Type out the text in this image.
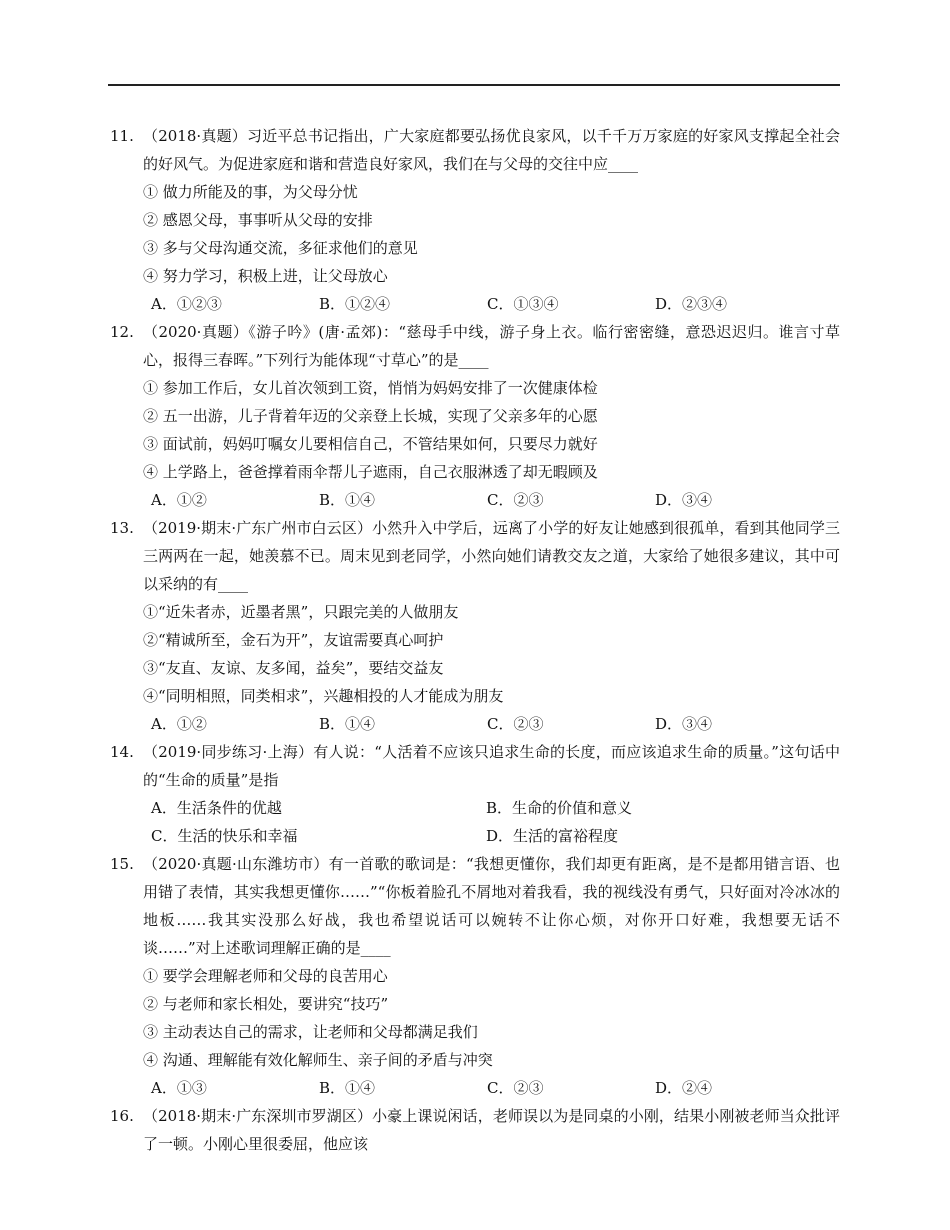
11. （2018·真题）习近平总书记指出，广大家庭都要弘扬优良家风，以千千万万家庭的好家风支撑起全社会的好风气。为促进家庭和谐和营造良好家风，我们在与父母的交往中应____
① 做力所能及的事，为父母分忧
② 感恩父母，事事听从父母的安排
③ 多与父母沟通交流，多征求他们的意见
④ 努力学习，积极上进，让父母放心
A．①②③	B．①②④	C．①③④	D．②③④
12. （2020·真题）《游子吟》(唐·孟郊)：“慈母手中线，游子身上衣。临行密密缝，意恐迟迟归。谁言寸草心，报得三春晖。”下列行为能体现“寸草心”的是____
① 参加工作后，女儿首次领到工资，悄悄为妈妈安排了一次健康体检
② 五一出游，儿子背着年迈的父亲登上长城，实现了父亲多年的心愿
③ 面试前，妈妈叮嘱女儿要相信自己，不管结果如何，只要尽力就好
④ 上学路上，爸爸撑着雨伞帮儿子遮雨，自己衣服淋透了却无暇顾及
A．①②	B．①④	C．②③	D．③④
13. （2019·期末·广东广州市白云区）小然升入中学后，远离了小学的好友让她感到很孤单，看到其他同学三三两两在一起，她羡慕不已。周末见到老同学，小然向她们请教交友之道，大家给了她很多建议，其中可以采纳的有____
①“近朱者赤，近墨者黑”，只跟完美的人做朋友
②“精诚所至，金石为开”，友谊需要真心呵护
③“友直、友谅、友多闻，益矣”，要结交益友
④“同明相照，同类相求”，兴趣相投的人才能成为朋友
A．①②	B．①④	C．②③	D．③④
14. （2019·同步练习·上海）有人说：“人活着不应该只追求生命的长度，而应该追求生命的质量。”这句话中的“生命的质量”是指
A．生活条件的优越	B．生命的价值和意义
C．生活的快乐和幸福	D．生活的富裕程度
15. （2020·真题·山东潍坊市）有一首歌的歌词是：“我想更懂你，我们却更有距离，是不是都用错言语、也用错了表情，其实我想更懂你……”“你板着脸孔不屑地对着我看，我的视线没有勇气，只好面对冷冰冰的地板……我其实没那么好战，我也希望说话可以婉转不让你心烦，对你开口好难，我想要无话不谈……”对上述歌词理解正确的是____
① 要学会理解老师和父母的良苦用心
② 与老师和家长相处，要讲究“技巧”
③ 主动表达自己的需求，让老师和父母都满足我们
④ 沟通、理解能有效化解师生、亲子间的矛盾与冲突
A．①③	B．①④	C．②③	D．②④
16. （2018·期末·广东深圳市罗湖区）小豪上课说闲话，老师误以为是同桌的小刚，结果小刚被老师当众批评了一顿。小刚心里很委屈，他应该
